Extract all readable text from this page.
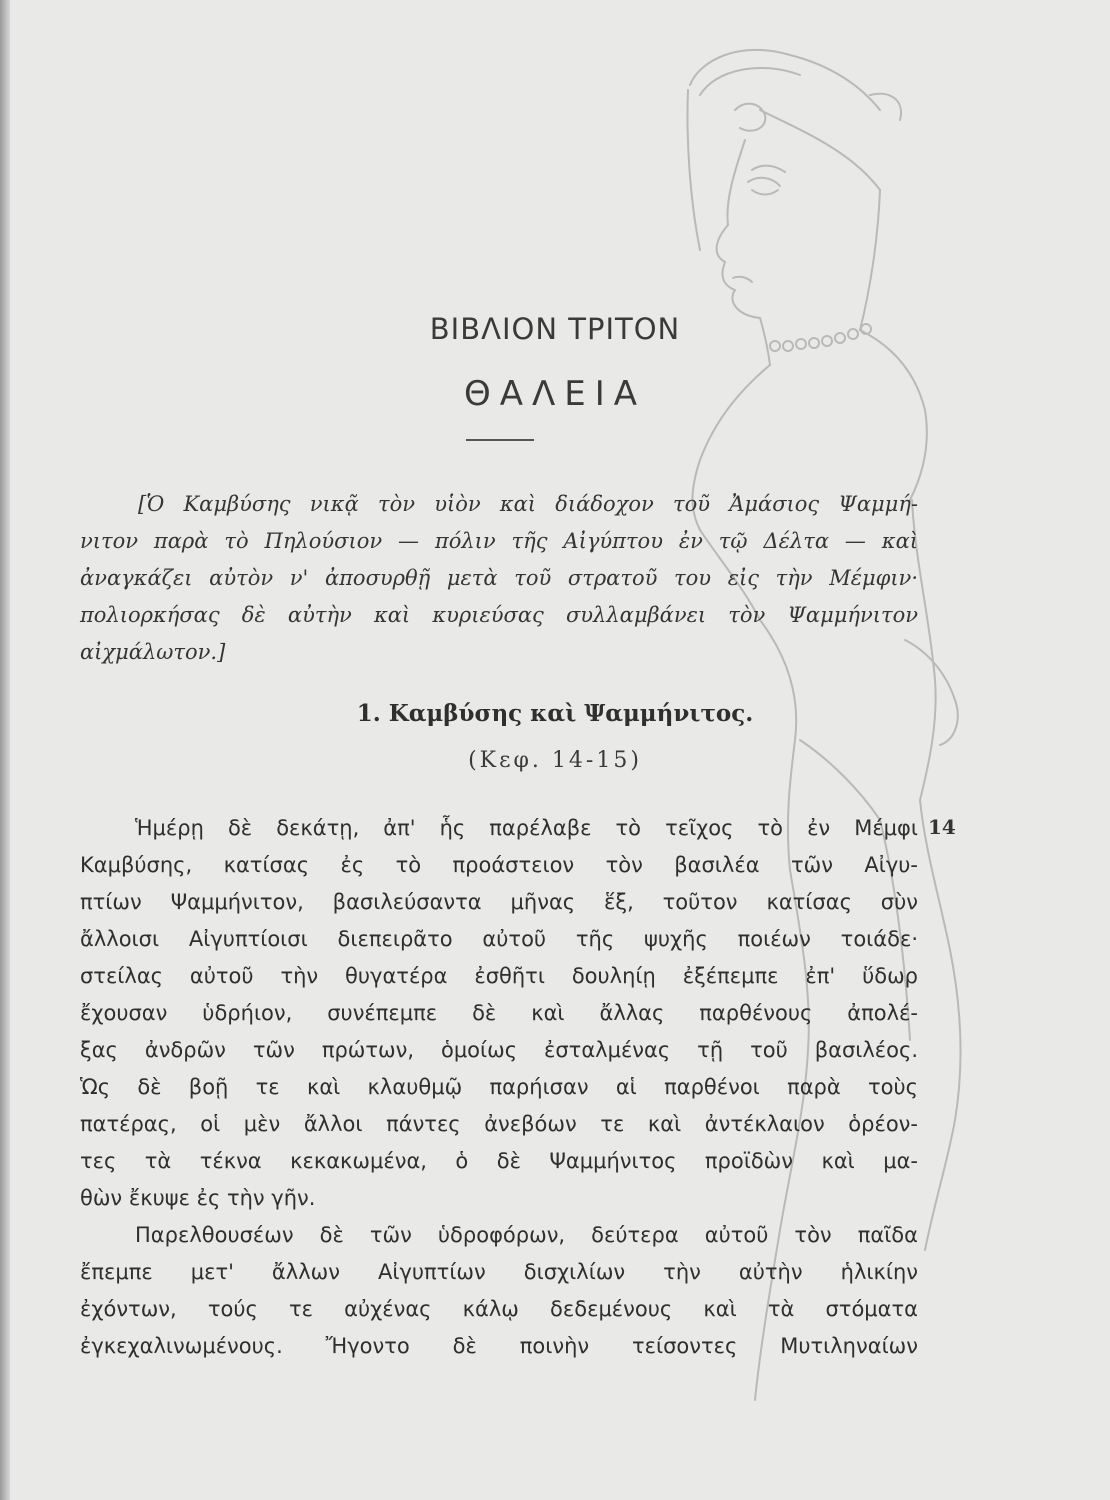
ΒΙΒΛΙΟΝ ΤΡΙΤΟΝ
ΘΑΛΕΙΑ
[Ὁ Καμβύσης νικᾷ τὸν υἱὸν καὶ διάδοχον τοῦ Ἀμάσιος Ψαμμή-
νιτον παρὰ τὸ Πηλούσιον — πόλιν τῆς Αἰγύπτου ἐν τῷ Δέλτα — καὶ
ἀναγκάζει αὐτὸν ν' ἀποσυρθῇ μετὰ τοῦ στρατοῦ του εἰς τὴν Μέμφιν·
πολιορκήσας δὲ αὐτὴν καὶ κυριεύσας συλλαμβάνει τὸν Ψαμμήνιτον
αἰχμάλωτον.]
1. Καμβύσης καὶ Ψαμμήνιτος.
(Κεφ. 14-15)
14
Ἡμέρῃ δὲ δεκάτῃ, ἀπ' ἧς παρέλαβε τὸ τεῖχος τὸ ἐν Μέμφι
Καμβύσης, κατίσας ἐς τὸ προάστειον τὸν βασιλέα τῶν Αἰγυ-
πτίων Ψαμμήνιτον, βασιλεύσαντα μῆνας ἕξ, τοῦτον κατίσας σὺν
ἄλλοισι Αἰγυπτίοισι διεπειρᾶτο αὐτοῦ τῆς ψυχῆς ποιέων τοιάδε·
στείλας αὐτοῦ τὴν θυγατέρα ἐσθῆτι δουληίῃ ἐξέπεμπε ἐπ' ὕδωρ
ἔχουσαν ὑδρήιον, συνέπεμπε δὲ καὶ ἄλλας παρθένους ἀπολέ-
ξας ἀνδρῶν τῶν πρώτων, ὁμοίως ἐσταλμένας τῇ τοῦ βασιλέος.
Ὡς δὲ βοῇ τε καὶ κλαυθμῷ παρήισαν αἱ παρθένοι παρὰ τοὺς
πατέρας, οἱ μὲν ἄλλοι πάντες ἀνεβόων τε καὶ ἀντέκλαιον ὁρέον-
τες τὰ τέκνα κεκακωμένα, ὁ δὲ Ψαμμήνιτος προϊδὼν καὶ μα-
θὼν ἔκυψε ἐς τὴν γῆν.
Παρελθουσέων δὲ τῶν ὑδροφόρων, δεύτερα αὐτοῦ τὸν παῖδα
ἔπεμπε μετ' ἄλλων Αἰγυπτίων δισχιλίων τὴν αὐτὴν ἡλικίην
ἐχόντων, τούς τε αὐχένας κάλῳ δεδεμένους καὶ τὰ στόματα
ἐγκεχαλινωμένους. Ἤγοντο δὲ ποινὴν τείσοντες Μυτιληναίων
